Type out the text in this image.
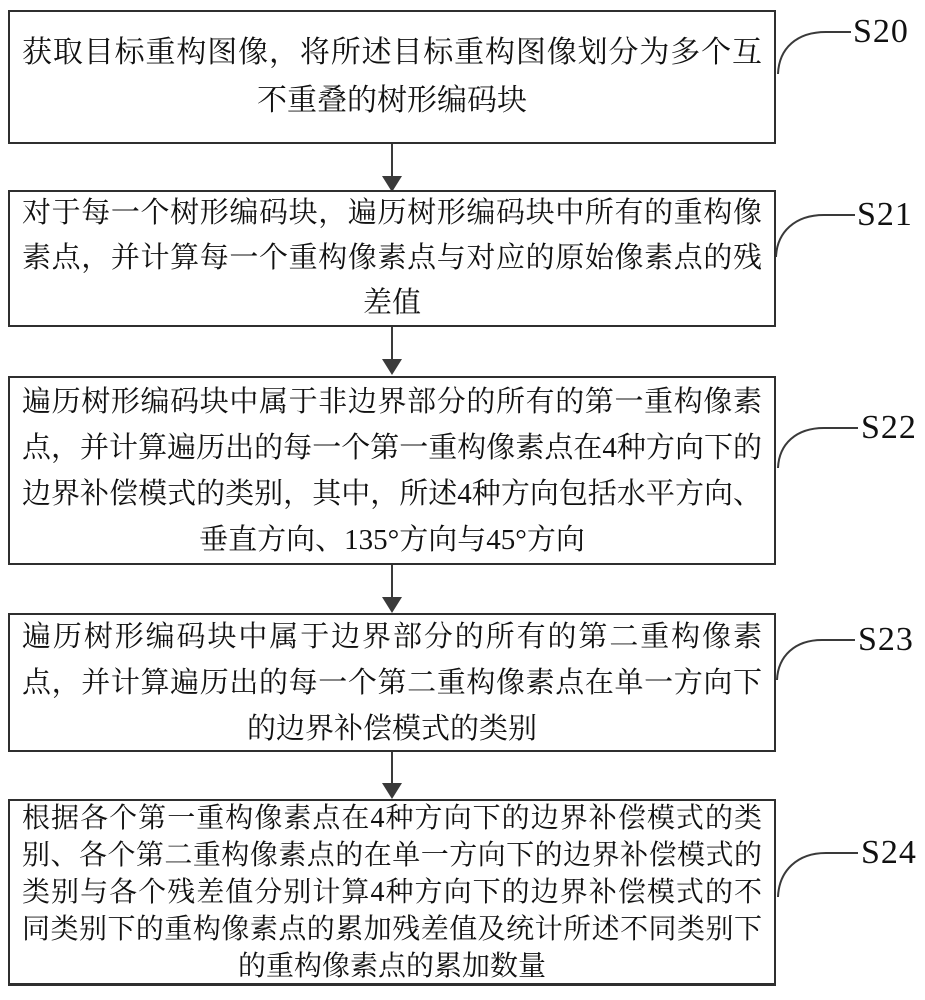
获取目标重构图像，将所述目标重构图像划分为多个互不重叠的树形编码块

对于每一个树形编码块，遍历树形编码块中所有的重构像素点，并计算每一个重构像素点与对应的原始像素点的残差值

遍历树形编码块中属于非边界部分的所有的第一重构像素点，并计算遍历出的每一个第一重构像素点在4种方向下的边界补偿模式的类别，其中，所述4种方向包括水平方向、垂直方向、135°方向与45°方向

遍历树形编码块中属于边界部分的所有的第二重构像素点，并计算遍历出的每一个第二重构像素点在单一方向下的边界补偿模式的类别

根据各个第一重构像素点在4种方向下的边界补偿模式的类别、各个第二重构像素点的在单一方向下的边界补偿模式的类别与各个残差值分别计算4种方向下的边界补偿模式的不同类别下的重构像素点的累加残差值及统计所述不同类别下的重构像素点的累加数量

S20
S21
S22
S23
S24
